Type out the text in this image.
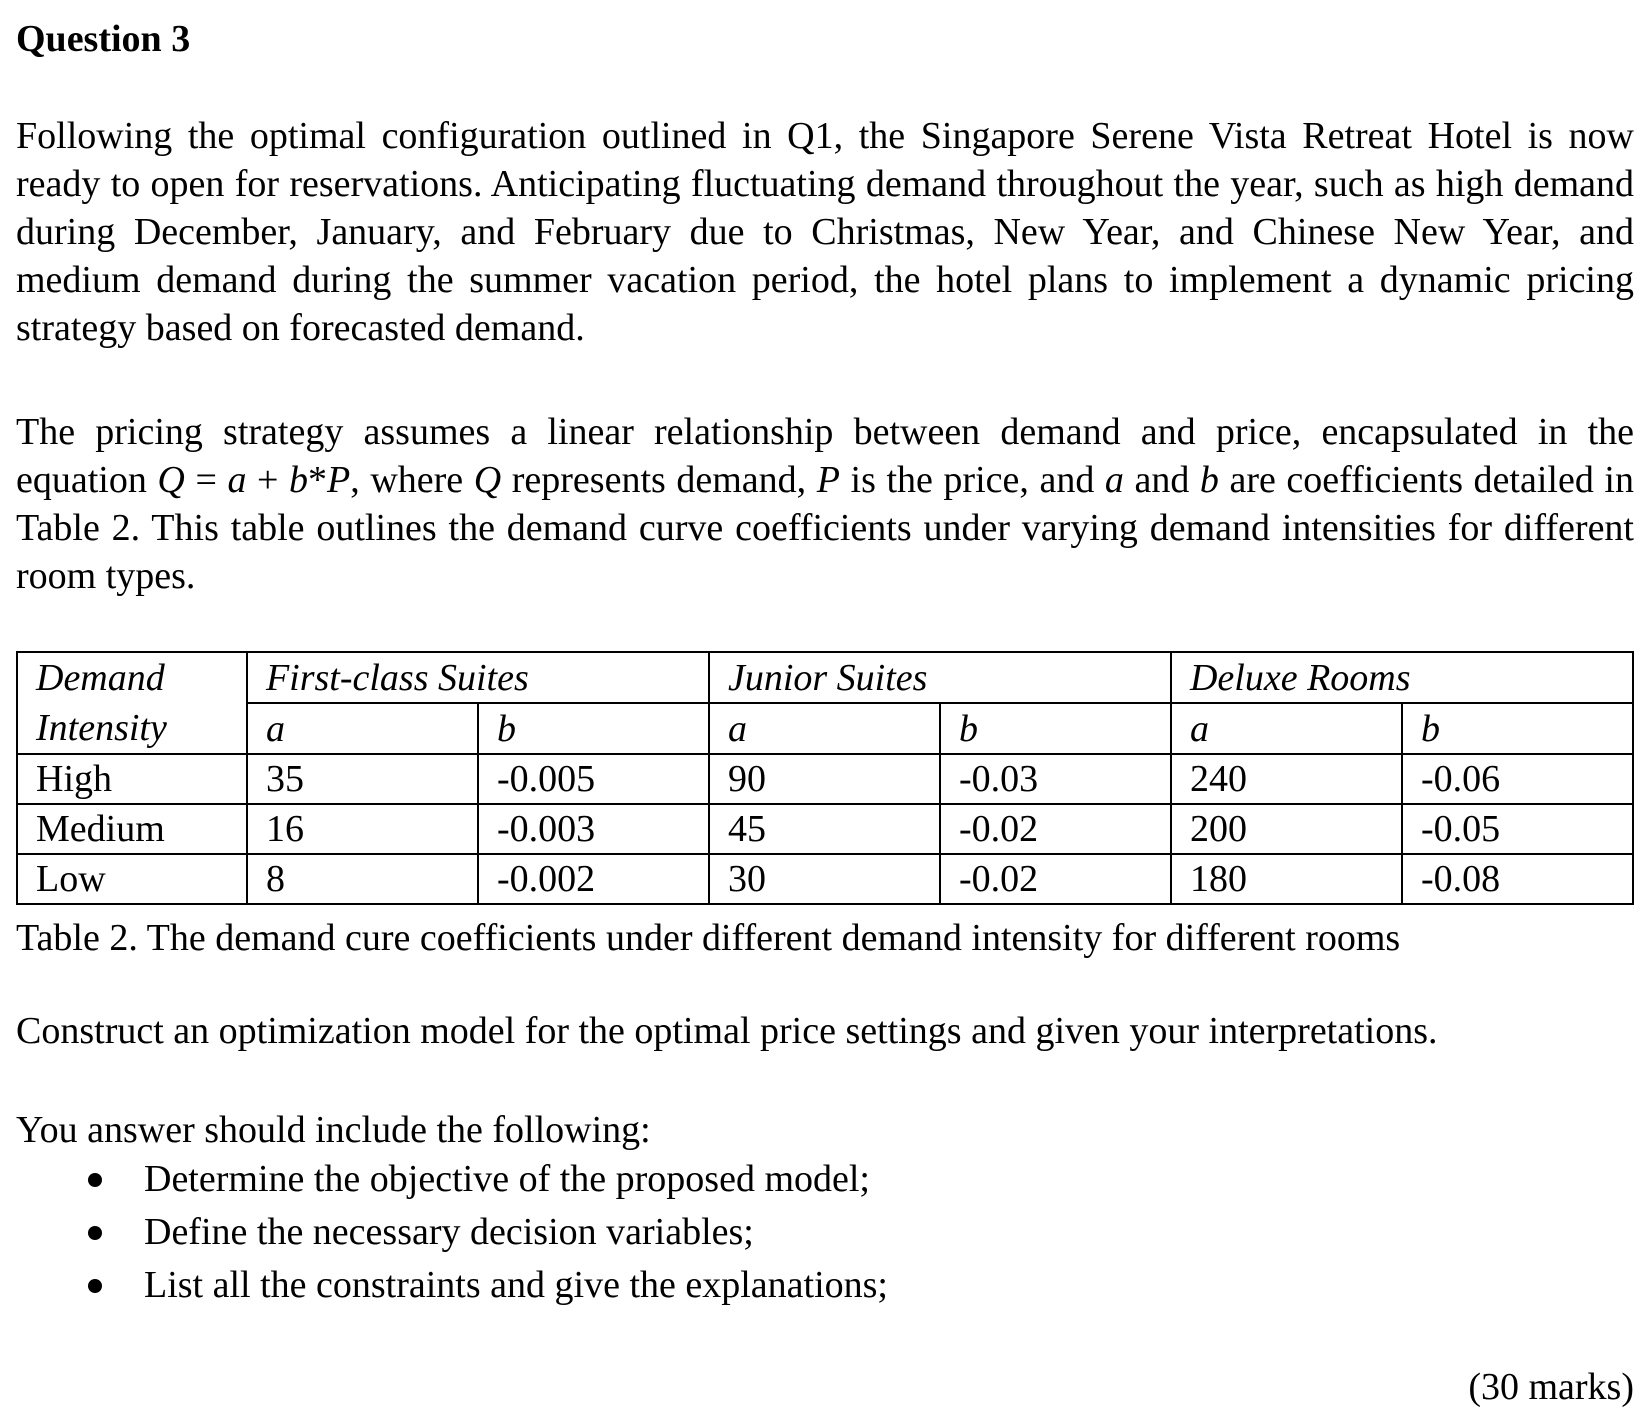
Question 3

Following the optimal configuration outlined in Q1, the Singapore Serene Vista Retreat Hotel is now ready to open for reservations. Anticipating fluctuating demand throughout the year, such as high demand during December, January, and February due to Christmas, New Year, and Chinese New Year, and medium demand during the summer vacation period, the hotel plans to implement a dynamic pricing strategy based on forecasted demand.

The pricing strategy assumes a linear relationship between demand and price, encapsulated in the equation Q = a + b*P, where Q represents demand, P is the price, and a and b are coefficients detailed in Table 2. This table outlines the demand curve coefficients under varying demand intensities for different room types.

Demand
Intensity	First-class Suites		Junior Suites		Deluxe Rooms	
	a	b	a	b	a	b
High	35	-0.005	90	-0.03	240	-0.06
Medium	16	-0.003	45	-0.02	200	-0.05
Low	8	-0.002	30	-0.02	180	-0.08

Table 2. The demand cure coefficients under different demand intensity for different rooms

Construct an optimization model for the optimal price settings and given your interpretations.

You answer should include the following:

Determine the objective of the proposed model;
Define the necessary decision variables;
List all the constraints and give the explanations;

(30 marks)
